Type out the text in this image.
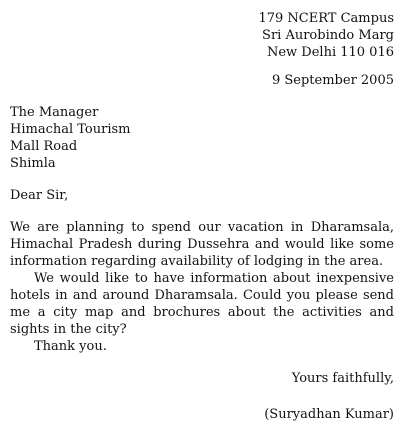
179 NCERT Campus
Sri Aurobindo Marg
New Delhi 110 016
9 September 2005
The Manager
Himachal Tourism
Mall Road
Shimla

Dear Sir,

We are planning to spend our vacation in Dharamsala, Himachal Pradesh during Dussehra and would like some information regarding availability of lodging in the area.

We would like to have information about inexpensive hotels in and around Dharamsala. Could you please send me a city map and brochures about the activities and sights in the city?

Thank you.

Yours faithfully,

(Suryadhan Kumar)
